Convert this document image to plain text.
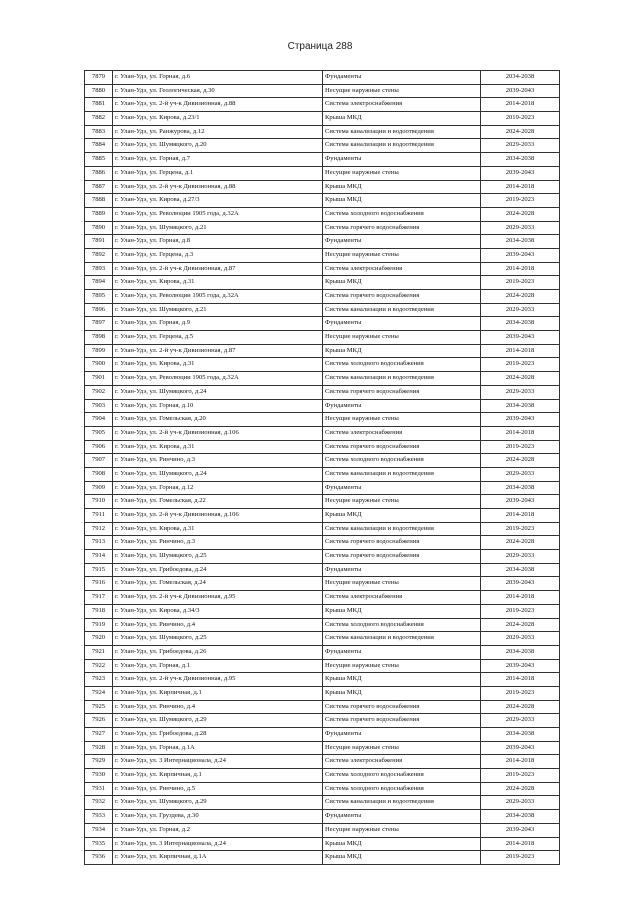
Страница 288
7879	г. Улан-Удэ, ул. Горная, д.6	Фундаменты	2034-2038
7880	г. Улан-Удэ, ул. Геологическая, д.30	Несущие наружные стены	2039-2043
7881	г. Улан-Удэ, ул. 2-й уч-к Дивизионная, д.88	Система электроснабжения	2014-2018
7882	г. Улан-Удэ, ул. Кирова, д.23/1	Крыша МКД	2019-2023
7883	г. Улан-Удэ, ул. Ранжурова, д.12	Система канализации и водоотведения	2024-2028
7884	г. Улан-Удэ, ул. Шумяцкого, д.20	Система канализации и водоотведения	2029-2033
7885	г. Улан-Удэ, ул. Горная, д.7	Фундаменты	2034-2038
7886	г. Улан-Удэ, ул. Герцена, д.1	Несущие наружные стены	2039-2043
7887	г. Улан-Удэ, ул. 2-й уч-к Дивизионная, д.88	Крыша МКД	2014-2018
7888	г. Улан-Удэ, ул. Кирова, д.27/3	Крыша МКД	2019-2023
7889	г. Улан-Удэ, ул. Революции 1905 года, д.32А	Система холодного водоснабжения	2024-2028
7890	г. Улан-Удэ, ул. Шумяцкого, д.21	Система горячего водоснабжения	2029-2033
7891	г. Улан-Удэ, ул. Горная, д.8	Фундаменты	2034-2038
7892	г. Улан-Удэ, ул. Герцена, д.3	Несущие наружные стены	2039-2043
7893	г. Улан-Удэ, ул. 2-й уч-к Дивизионная, д.87	Система электроснабжения	2014-2018
7894	г. Улан-Удэ, ул. Кирова, д.31	Крыша МКД	2019-2023
7895	г. Улан-Удэ, ул. Революции 1905 года, д.32А	Система горячего водоснабжения	2024-2028
7896	г. Улан-Удэ, ул. Шумяцкого, д.21	Система канализации и водоотведения	2029-2033
7897	г. Улан-Удэ, ул. Горная, д.9	Фундаменты	2034-2038
7898	г. Улан-Удэ, ул. Герцена, д.5	Несущие наружные стены	2039-2043
7899	г. Улан-Удэ, ул. 2-й уч-к Дивизионная, д.87	Крыша МКД	2014-2018
7900	г. Улан-Удэ, ул. Кирова, д.31	Система холодного водоснабжения	2019-2023
7901	г. Улан-Удэ, ул. Революции 1905 года, д.32А	Система канализации и водоотведения	2024-2028
7902	г. Улан-Удэ, ул. Шумяцкого, д.24	Система горячего водоснабжения	2029-2033
7903	г. Улан-Удэ, ул. Горная, д.10	Фундаменты	2034-2038
7904	г. Улан-Удэ, ул. Гомельская, д.20	Несущие наружные стены	2039-2043
7905	г. Улан-Удэ, ул. 2-й уч-к Дивизионная, д.106	Система электроснабжения	2014-2018
7906	г. Улан-Удэ, ул. Кирова, д.31	Система горячего водоснабжения	2019-2023
7907	г. Улан-Удэ, ул. Ринчино, д.3	Система холодного водоснабжения	2024-2028
7908	г. Улан-Удэ, ул. Шумяцкого, д.24	Система канализации и водоотведения	2029-2033
7909	г. Улан-Удэ, ул. Горная, д.12	Фундаменты	2034-2038
7910	г. Улан-Удэ, ул. Гомельская, д.22	Несущие наружные стены	2039-2043
7911	г. Улан-Удэ, ул. 2-й уч-к Дивизионная, д.106	Крыша МКД	2014-2018
7912	г. Улан-Удэ, ул. Кирова, д.31	Система канализации и водоотведения	2019-2023
7913	г. Улан-Удэ, ул. Ринчино, д.3	Система горячего водоснабжения	2024-2028
7914	г. Улан-Удэ, ул. Шумяцкого, д.25	Система горячего водоснабжения	2029-2033
7915	г. Улан-Удэ, ул. Грибоедова, д.24	Фундаменты	2034-2038
7916	г. Улан-Удэ, ул. Гомельская, д.24	Несущие наружные стены	2039-2043
7917	г. Улан-Удэ, ул. 2-й уч-к Дивизионная, д.95	Система электроснабжения	2014-2018
7918	г. Улан-Удэ, ул. Кирова, д.34/3	Крыша МКД	2019-2023
7919	г. Улан-Удэ, ул. Ринчино, д.4	Система холодного водоснабжения	2024-2028
7920	г. Улан-Удэ, ул. Шумяцкого, д.25	Система канализации и водоотведения	2029-2033
7921	г. Улан-Удэ, ул. Грибоедова, д.26	Фундаменты	2034-2038
7922	г. Улан-Удэ, ул. Горная, д.1	Несущие наружные стены	2039-2043
7923	г. Улан-Удэ, ул. 2-й уч-к Дивизионная, д.95	Крыша МКД	2014-2018
7924	г. Улан-Удэ, ул. Кирпичная, д.1	Крыша МКД	2019-2023
7925	г. Улан-Удэ, ул. Ринчино, д.4	Система горячего водоснабжения	2024-2028
7926	г. Улан-Удэ, ул. Шумяцкого, д.29	Система горячего водоснабжения	2029-2033
7927	г. Улан-Удэ, ул. Грибоедова, д.28	Фундаменты	2034-2038
7928	г. Улан-Удэ, ул. Горная, д.1А	Несущие наружные стены	2039-2043
7929	г. Улан-Удэ, ул. 3 Интернационала, д.24	Система электроснабжения	2014-2018
7930	г. Улан-Удэ, ул. Кирпичная, д.1	Система холодного водоснабжения	2019-2023
7931	г. Улан-Удэ, ул. Ринчино, д.5	Система холодного водоснабжения	2024-2028
7932	г. Улан-Удэ, ул. Шумяцкого, д.29	Система канализации и водоотведения	2029-2033
7933	г. Улан-Удэ, ул. Груздева, д.30	Фундаменты	2034-2038
7934	г. Улан-Удэ, ул. Горная, д.2	Несущие наружные стены	2039-2043
7935	г. Улан-Удэ, ул. 3 Интернационала, д.24	Крыша МКД	2014-2018
7936	г. Улан-Удэ, ул. Кирпичная, д.1А	Крыша МКД	2019-2023
